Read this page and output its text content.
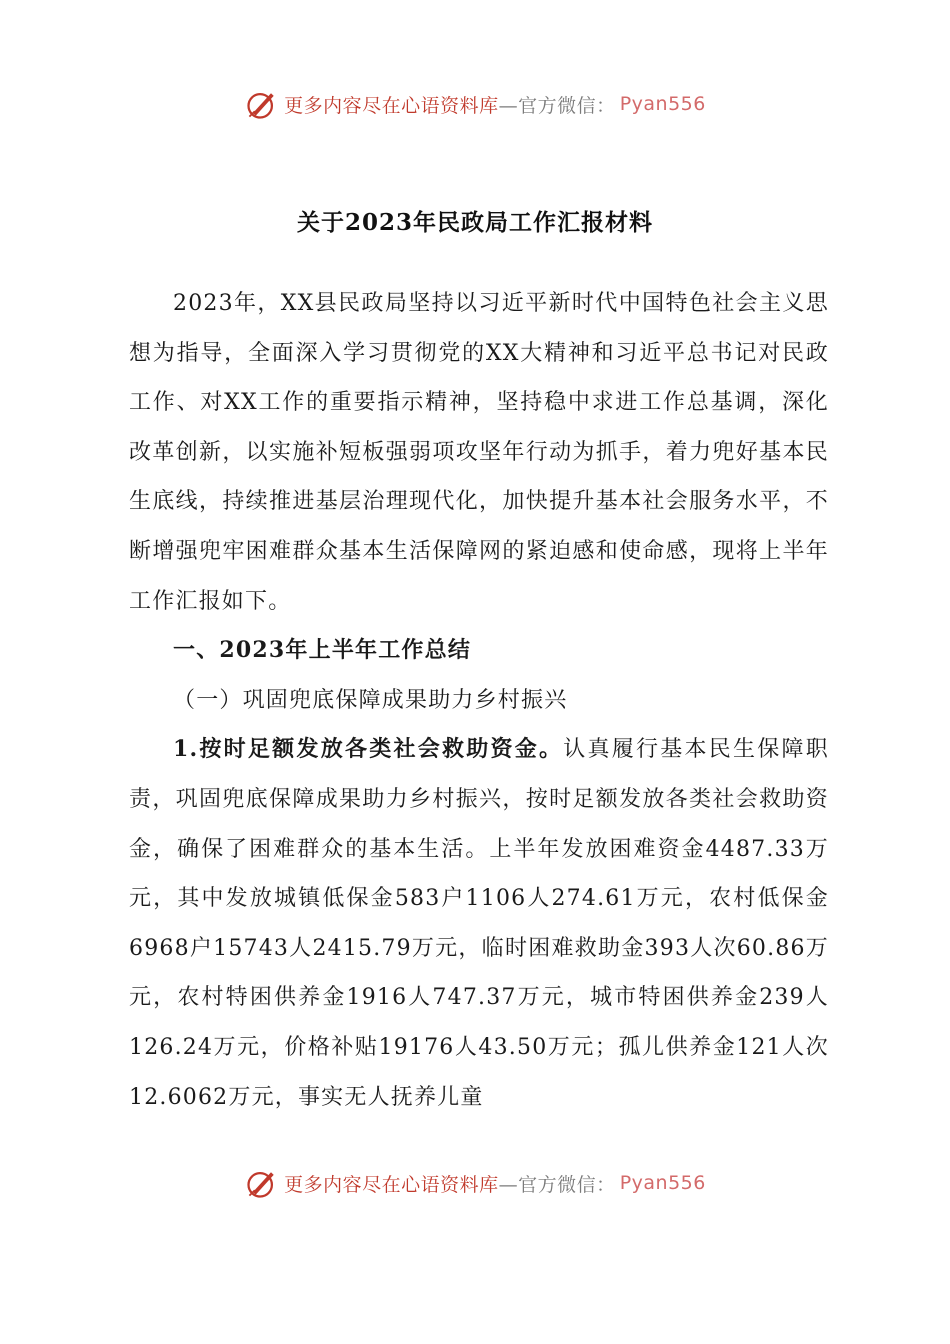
更多内容尽在心语资料库 —官方微信： Pyan556
关于2023年民政局工作汇报材料

2023年，XX县民政局坚持以习近平新时代中国特色社会主义思想为指导，全面深入学习贯彻党的XX大精神和习近平总书记对民政工作、对XX工作的重要指示精神，坚持稳中求进工作总基调，深化改革创新，以实施补短板强弱项攻坚年行动为抓手，着力兜好基本民生底线，持续推进基层治理现代化，加快提升基本社会服务水平，不断增强兜牢困难群众基本生活保障网的紧迫感和使命感，现将上半年工作汇报如下。

一、2023年上半年工作总结

（一）巩固兜底保障成果助力乡村振兴

1.按时足额发放各类社会救助资金。认真履行基本民生保障职责，巩固兜底保障成果助力乡村振兴，按时足额发放各类社会救助资金，确保了困难群众的基本生活。上半年发放困难资金4487.33万元，其中发放城镇低保金583户1106人274.61万元，农村低保金6968户15743人2415.79万元，临时困难救助金393人次60.86万元，农村特困供养金1916人747.37万元，城市特困供养金239人126.24万元，价格补贴19176人43.50万元；孤儿供养金121人次12.6062万元，事实无人抚养儿童

更多内容尽在心语资料库 —官方微信： Pyan556
